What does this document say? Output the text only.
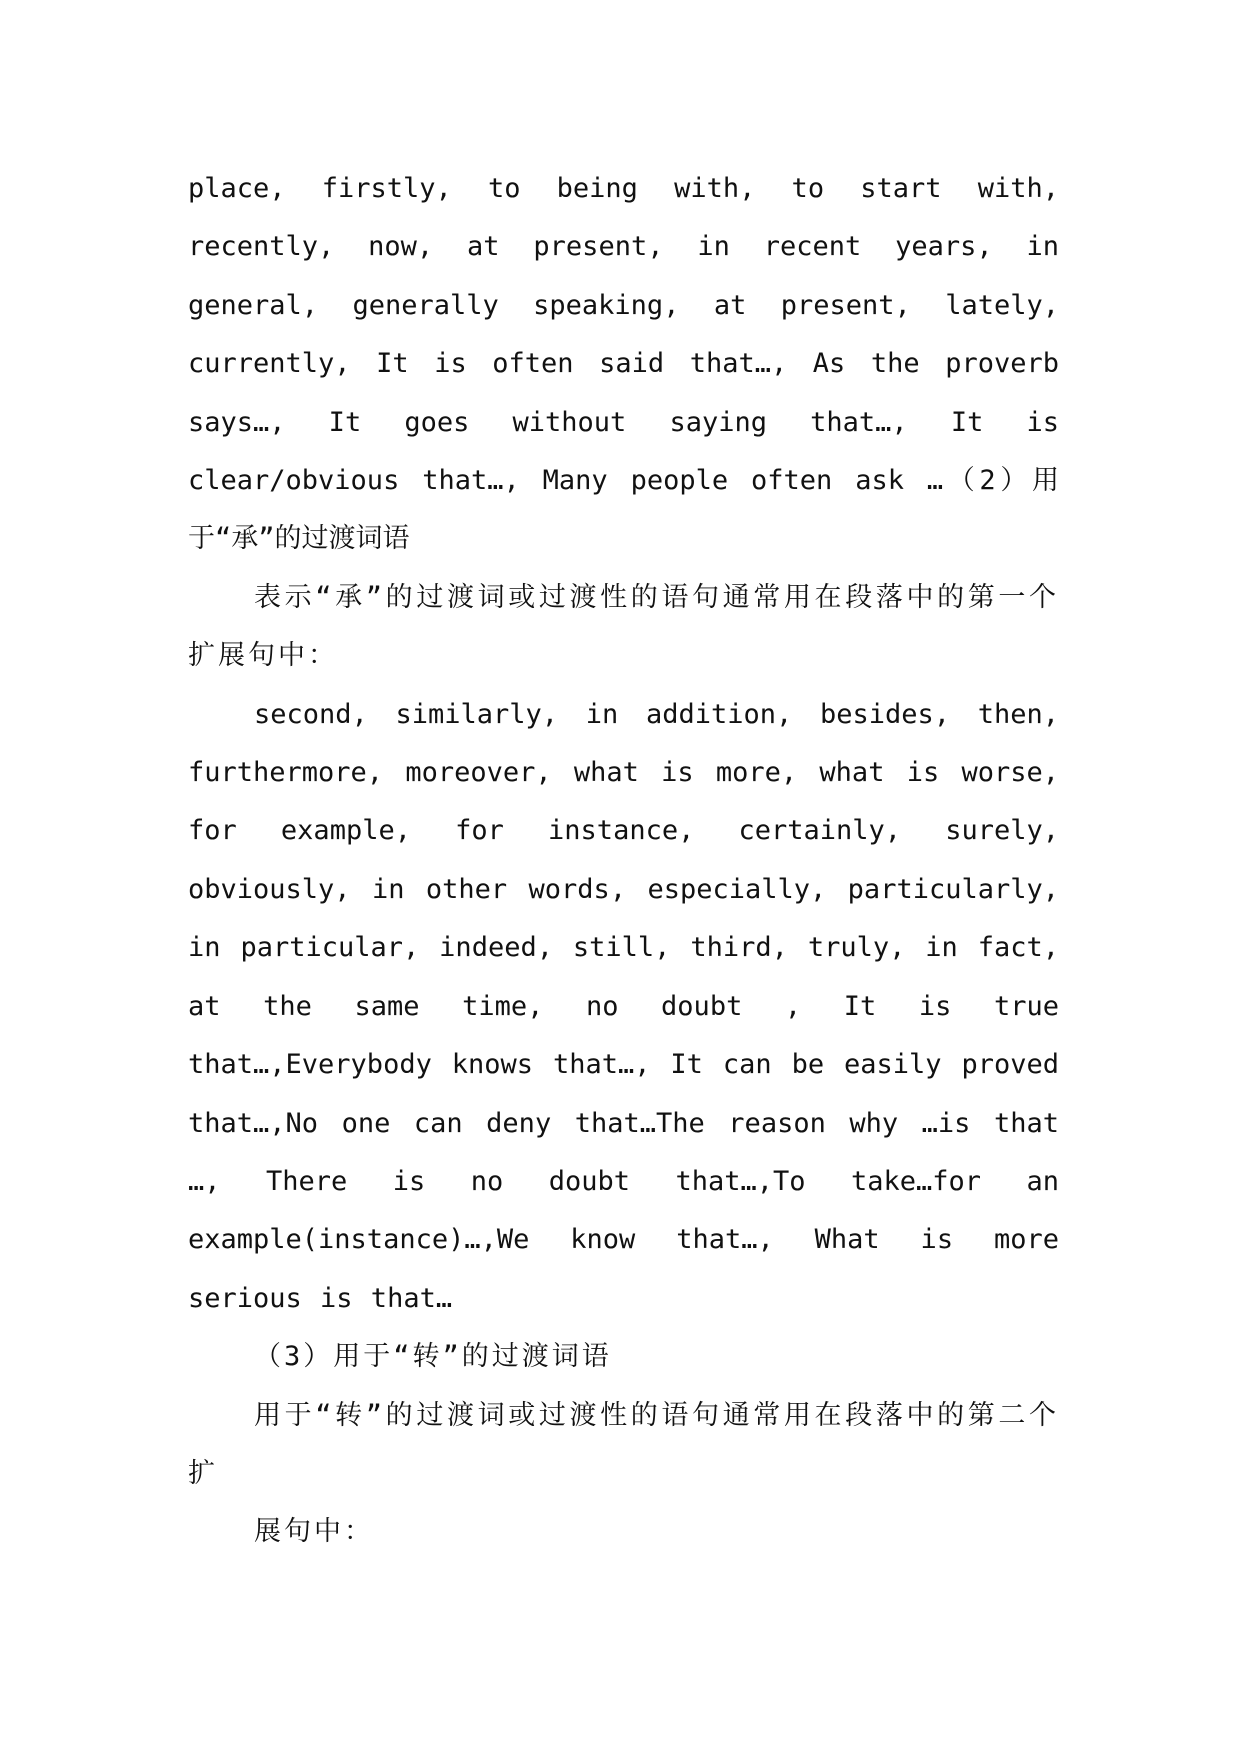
place, firstly, to being with, to start with, recently, now, at present, in recent years, in general, generally speaking, at present, lately, currently, It is often said that…, As the proverb says…, It goes without saying that…, It is clear/obvious that…, Many people often ask …（2）用于“承”的过渡词语

表示“承”的过渡词或过渡性的语句通常用在段落中的第一个扩展句中：

second, similarly, in addition, besides, then, furthermore, moreover, what is more, what is worse, for example, for instance, certainly, surely, obviously, in other words, especially, particularly, in particular, indeed, still, third, truly, in fact, at the same time, no doubt , It is true that…,Everybody knows that…, It can be easily proved that…,No one can deny that…The reason why …is that …, There is no doubt that…,To take…for an example(instance)…,We know that…, What is more serious is that…

（3）用于“转”的过渡词语

用于“转”的过渡词或过渡性的语句通常用在段落中的第二个扩

展句中：
